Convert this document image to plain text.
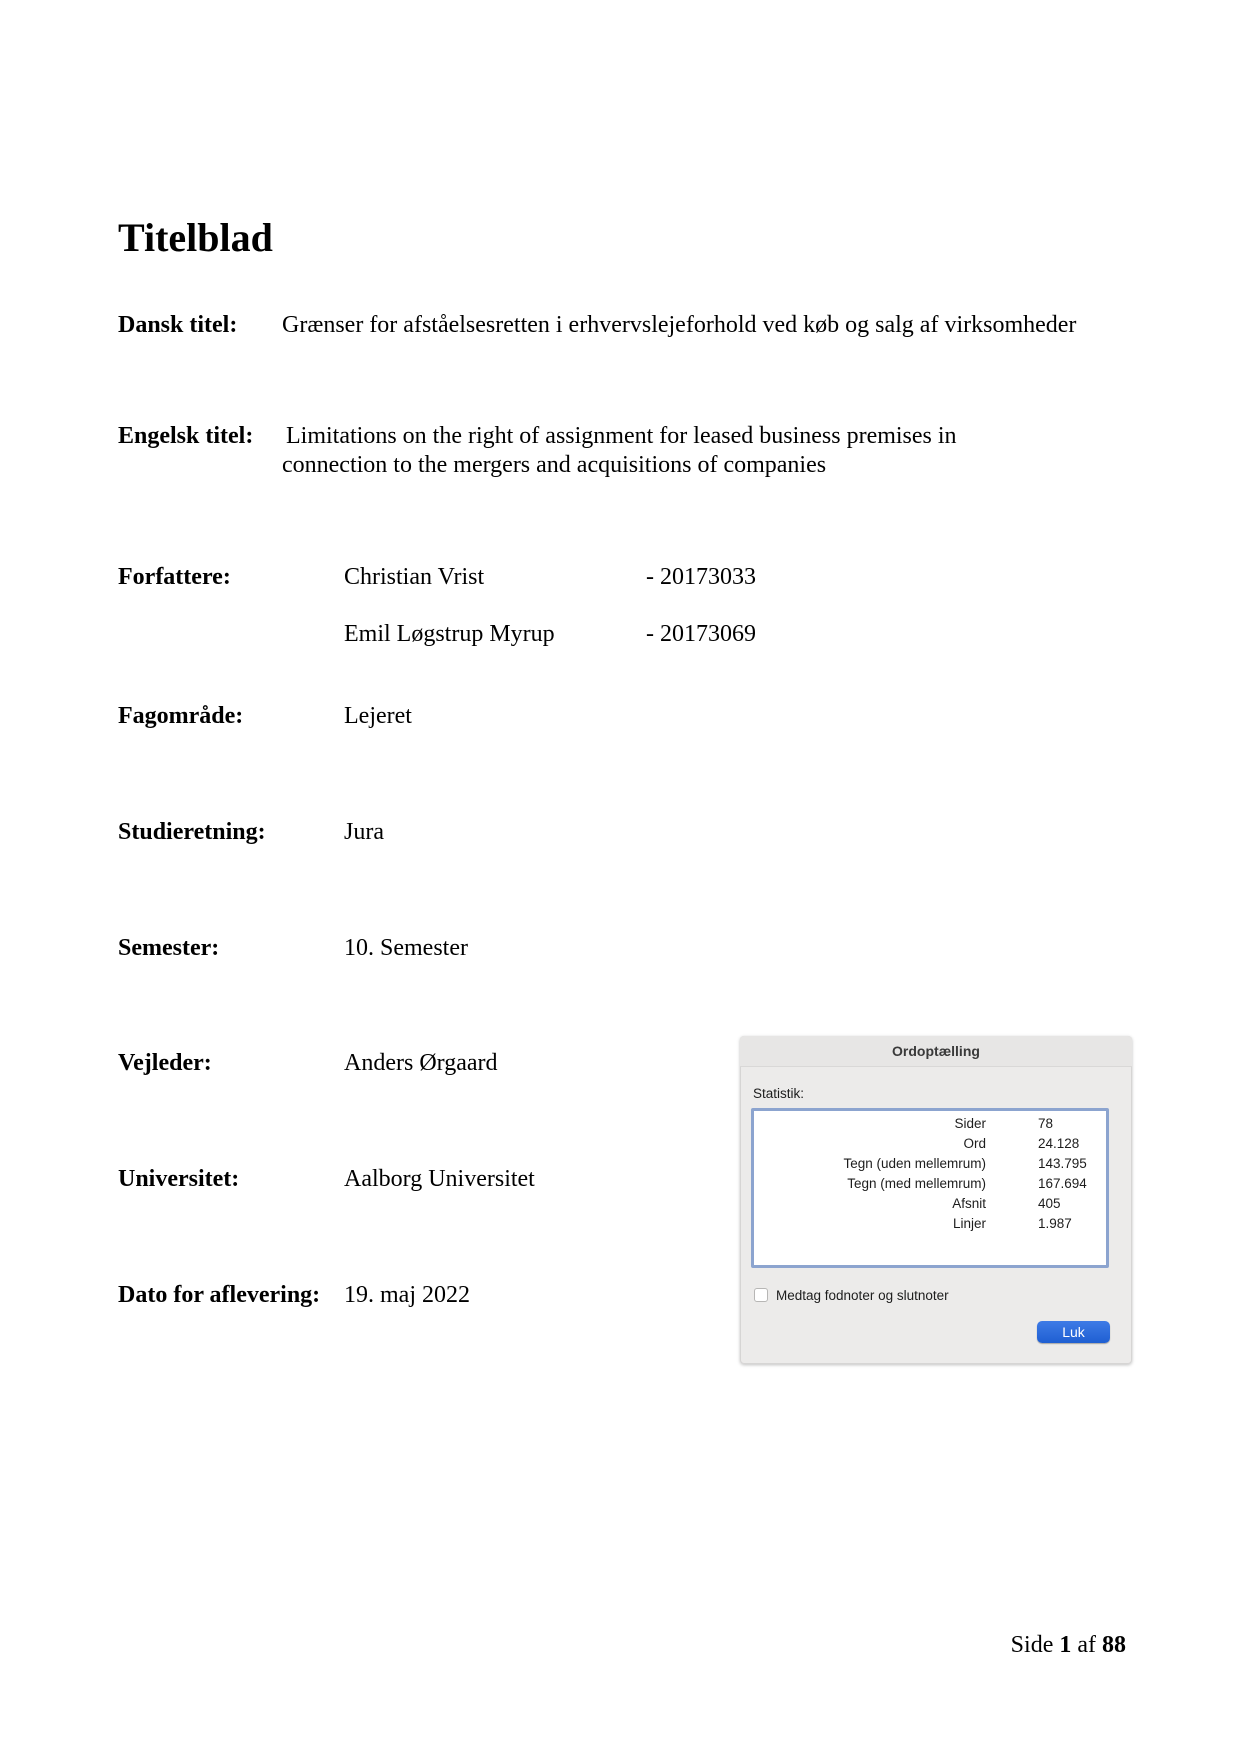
Titelblad
Dansk titel: Grænser for afståelsesretten i erhvervslejeforhold ved køb og salg af virksomheder
Engelsk titel: Limitations on the right of assignment for leased business premises in
connection to the mergers and acquisitions of companies
Forfattere:	Christian Vrist	- 20173033
Emil Løgstrup Myrup	- 20173069
Fagområde:	Lejeret
Studieretning:	Jura
Semester:	10. Semester
Vejleder:	Anders Ørgaard
Universitet:	Aalborg Universitet
Dato for aflevering: 19. maj 2022
Ordoptælling
Statistik:
Sider	78
Ord	24.128
Tegn (uden mellemrum)	143.795
Tegn (med mellemrum)	167.694
Afsnit	405
Linjer	1.987
Medtag fodnoter og slutnoter
Luk
Side 1 af 88
